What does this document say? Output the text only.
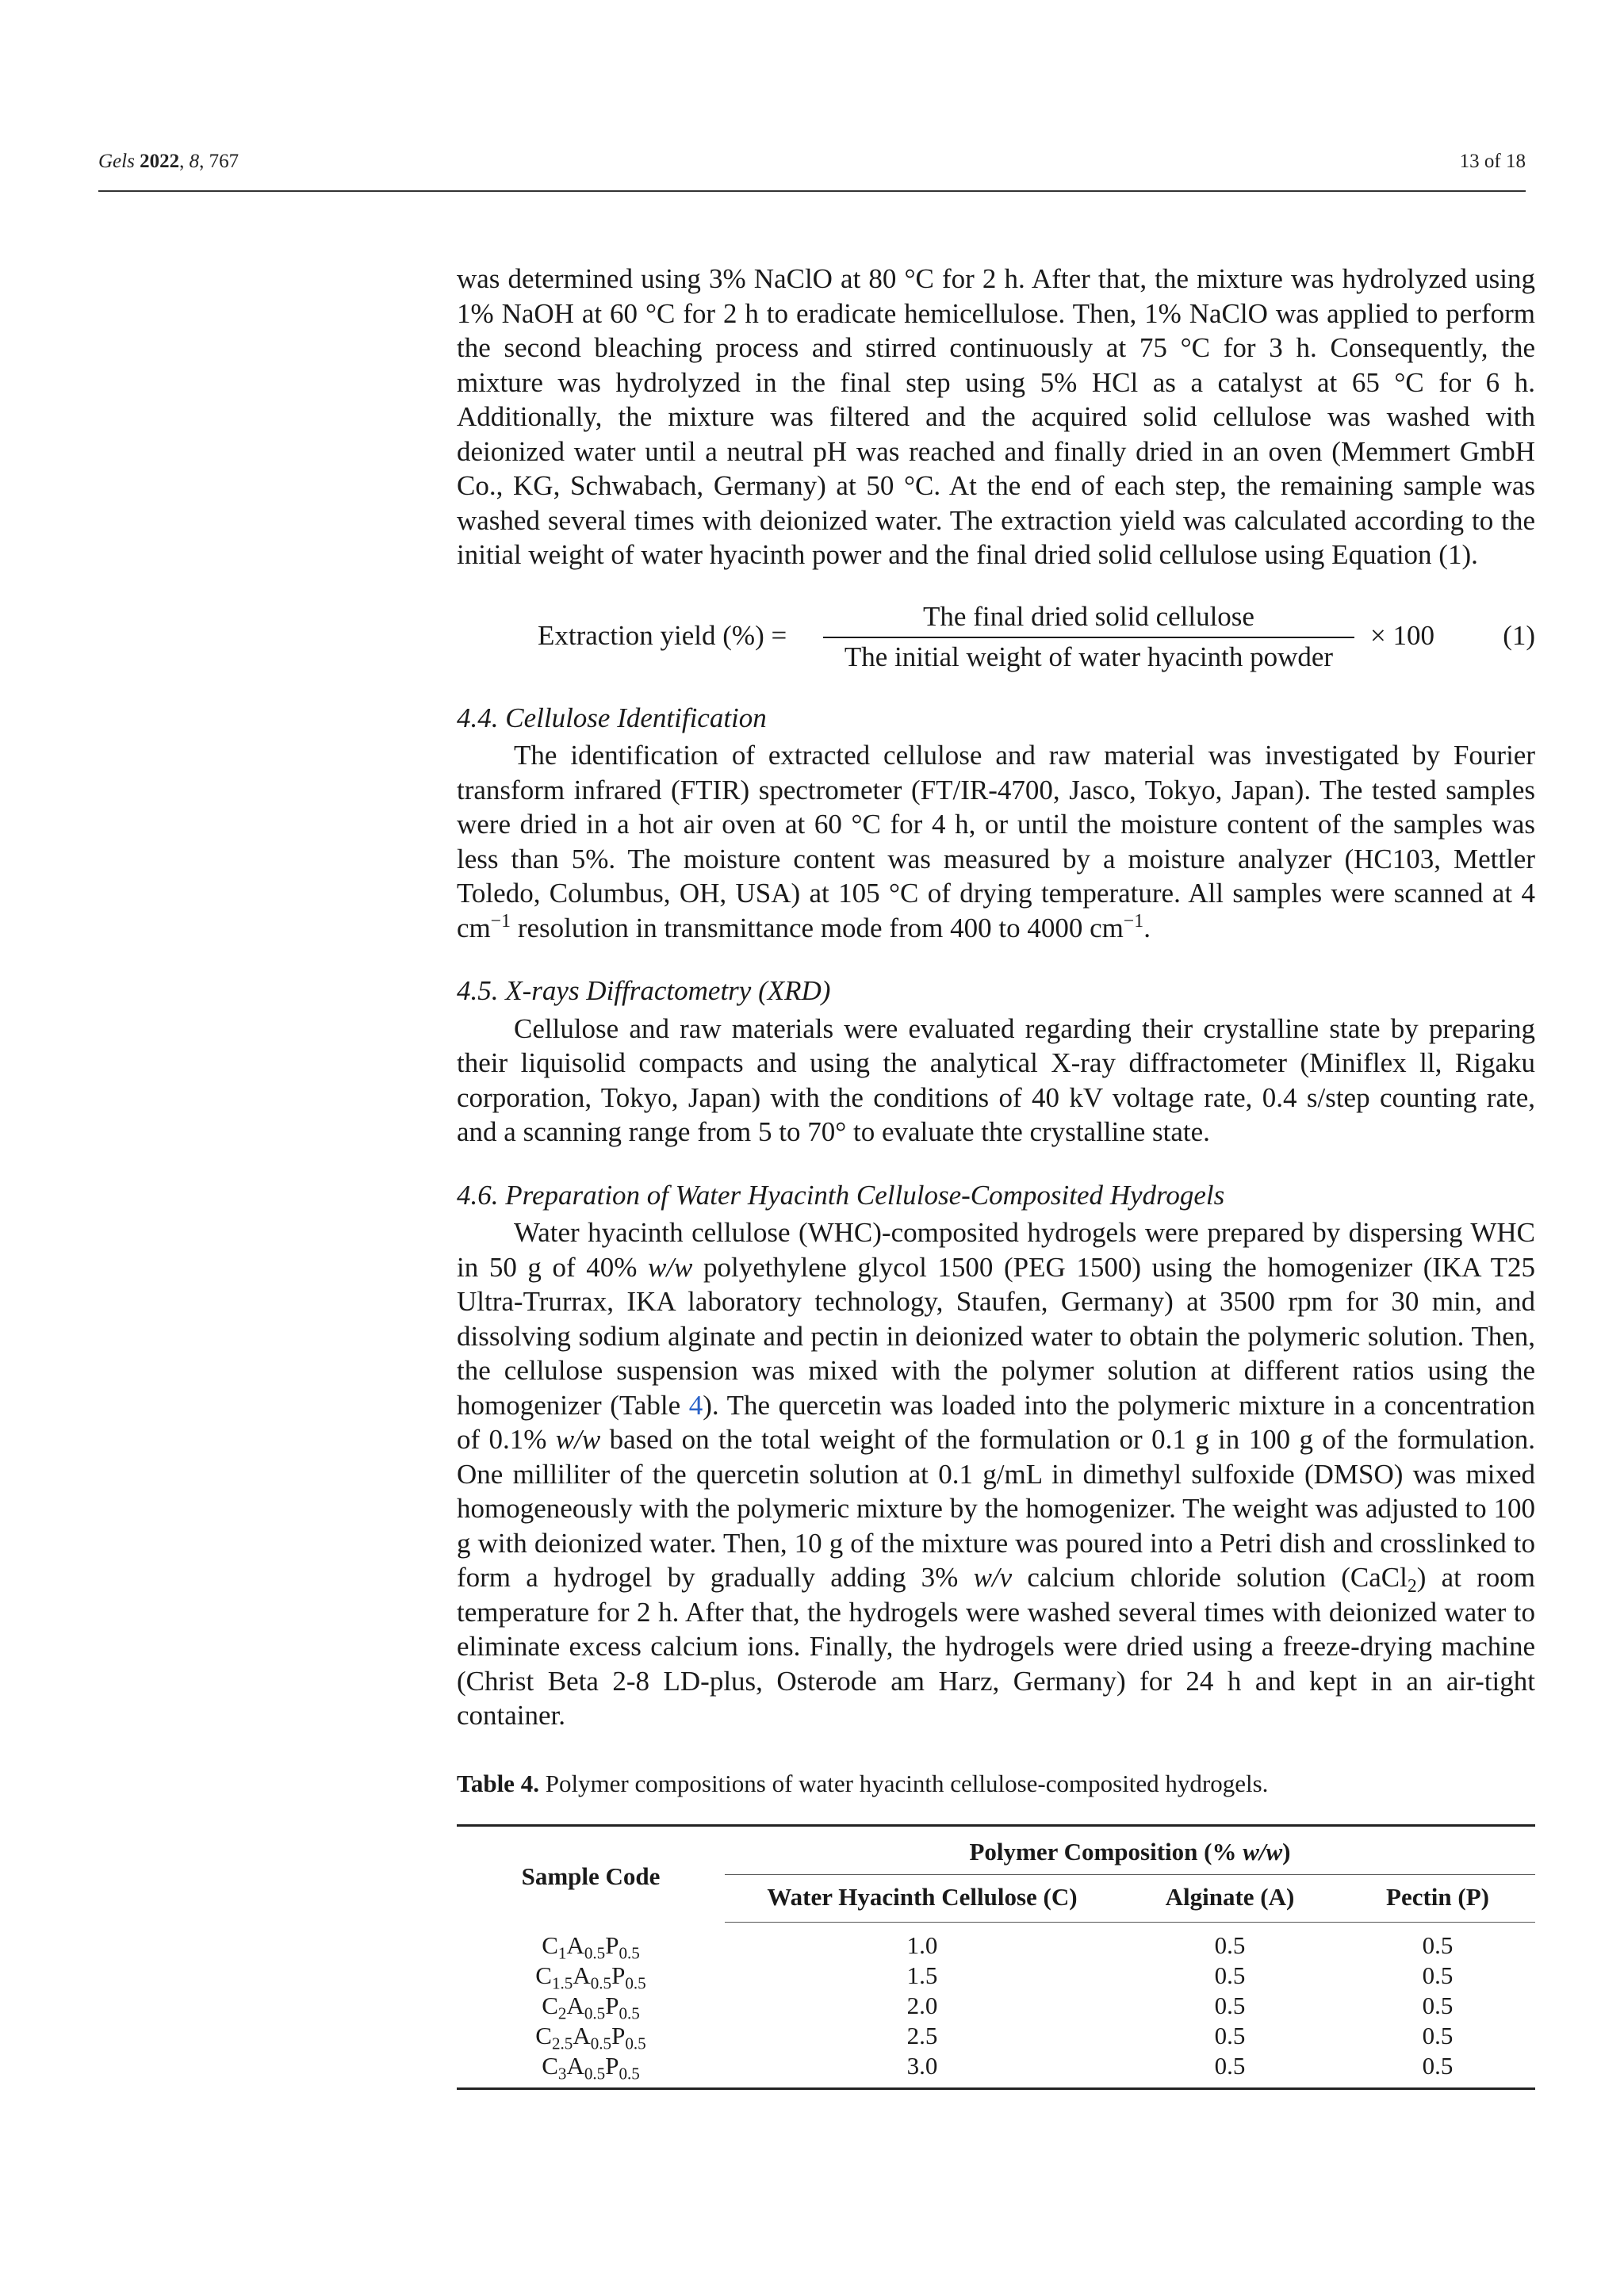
Gels 2022, 8, 767	13 of 18

was determined using 3% NaClO at 80 °C for 2 h. After that, the mixture was hydrolyzed using 1% NaOH at 60 °C for 2 h to eradicate hemicellulose. Then, 1% NaClO was applied to perform the second bleaching process and stirred continuously at 75 °C for 3 h. Consequently, the mixture was hydrolyzed in the final step using 5% HCl as a catalyst at 65 °C for 6 h. Additionally, the mixture was filtered and the acquired solid cellulose was washed with deionized water until a neutral pH was reached and finally dried in an oven (Memmert GmbH Co., KG, Schwabach, Germany) at 50 °C. At the end of each step, the remaining sample was washed several times with deionized water. The extraction yield was calculated according to the initial weight of water hyacinth power and the final dried solid cellulose using Equation (1).

Extraction yield (%) =
The final dried solid cellulose
The initial weight of water hyacinth powder
× 100 (1)
4.4. Cellulose Identification

The identification of extracted cellulose and raw material was investigated by Fourier transform infrared (FTIR) spectrometer (FT/IR-4700, Jasco, Tokyo, Japan). The tested samples were dried in a hot air oven at 60 °C for 4 h, or until the moisture content of the samples was less than 5%. The moisture content was measured by a moisture analyzer (HC103, Mettler Toledo, Columbus, OH, USA) at 105 °C of drying temperature. All samples were scanned at 4 $cm^{-1}$ resolution in transmittance mode from 400 to 4000 $cm^{-1}$.

4.5. X-rays Diffractometry (XRD)

Cellulose and raw materials were evaluated regarding their crystalline state by preparing their liquisolid compacts and using the analytical X-ray diffractometer (Miniflex ll, Rigaku corporation, Tokyo, Japan) with the conditions of 40 kV voltage rate, 0.4 s/step counting rate, and a scanning range from 5 to 70° to evaluate thte crystalline state.

4.6. Preparation of Water Hyacinth Cellulose-Composited Hydrogels

Water hyacinth cellulose (WHC)-composited hydrogels were prepared by dispersing WHC in 50 g of 40% w/w polyethylene glycol 1500 (PEG 1500) using the homogenizer (IKA T25 Ultra-Trurrax, IKA laboratory technology, Staufen, Germany) at 3500 rpm for 30 min, and dissolving sodium alginate and pectin in deionized water to obtain the polymeric solution. Then, the cellulose suspension was mixed with the polymer solution at different ratios using the homogenizer (Table 4). The quercetin was loaded into the polymeric mixture in a concentration of 0.1% w/w based on the total weight of the formulation or 0.1 g in 100 g of the formulation. One milliliter of the quercetin solution at 0.1 g/mL in dimethyl sulfoxide (DMSO) was mixed homogeneously with the polymeric mixture by the homogenizer. The weight was adjusted to 100 g with deionized water. Then, 10 g of the mixture was poured into a Petri dish and crosslinked to form a hydrogel by gradually adding 3% w/v calcium chloride solution (CaCl$_2$) at room temperature for 2 h. After that, the hydrogels were washed several times with deionized water to eliminate excess calcium ions. Finally, the hydrogels were dried using a freeze-drying machine (Christ Beta 2-8 LD-plus, Osterode am Harz, Germany) for 24 h and kept in an air-tight container.

Table 4. Polymer compositions of water hyacinth cellulose-composited hydrogels.
Sample Code	Polymer Composition (% w/w)		
	Water Hyacinth Cellulose (C)	Alginate (A)	Pectin (P)
$C_1A_{0.5}P_{0.5}$	1.0	0.5	0.5
$C_{1.5}A_{0.5}P_{0.5}$	1.5	0.5	0.5
$C_2A_{0.5}P_{0.5}$	2.0	0.5	0.5
$C_{2.5}A_{0.5}P_{0.5}$	2.5	0.5	0.5
$C_3A_{0.5}P_{0.5}$	3.0	0.5	0.5
